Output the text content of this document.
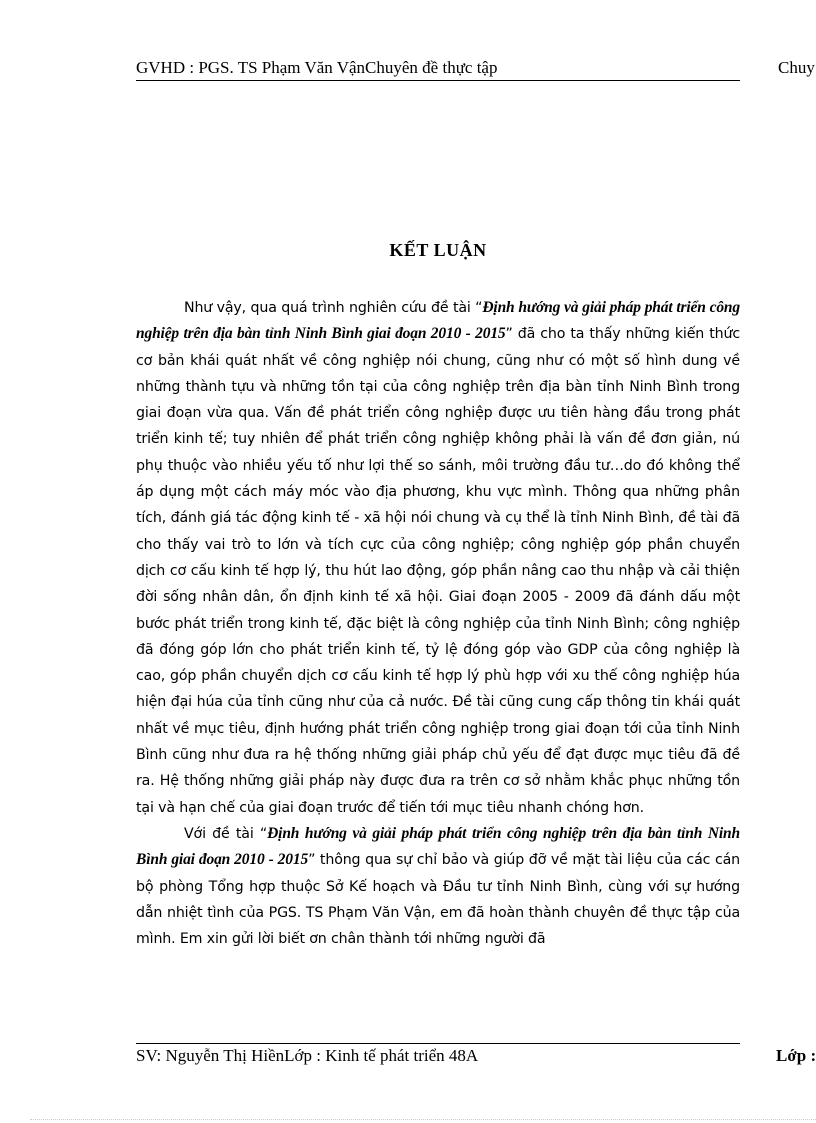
GVHD : PGS. TS Phạm Văn VậnChuyên đề thực tập	Chuy
KẾT LUẬN

Như vậy, qua quá trình nghiên cứu đề tài “Định hướng và giải pháp phát triển công nghiệp trên địa bàn tỉnh Ninh Bình giai đoạn 2010 - 2015” đã cho ta thấy những kiến thức cơ bản khái quát nhất về công nghiệp nói chung, cũng như có một số hình dung về những thành tựu và những tồn tại của công nghiệp trên địa bàn tỉnh Ninh Bình trong giai đoạn vừa qua. Vấn đề phát triển công nghiệp được ưu tiên hàng đầu trong phát triển kinh tế; tuy nhiên để phát triển công nghiệp không phải là vấn đề đơn giản, nú phụ thuộc vào nhiều yếu tố như lợi thế so sánh, môi trường đầu tư…do đó không thể áp dụng một cách máy móc vào địa phương, khu vực mình. Thông qua những phân tích, đánh giá tác động kinh tế - xã hội nói chung và cụ thể là tỉnh Ninh Bình, đề tài đã cho thấy vai trò to lớn và tích cực của công nghiệp; công nghiệp góp phần chuyển dịch cơ cấu kinh tế hợp lý, thu hút lao động, góp phần nâng cao thu nhập và cải thiện đời sống nhân dân, ổn định kinh tế xã hội. Giai đoạn 2005 - 2009 đã đánh dấu một bước phát triển trong kinh tế, đặc biệt là công nghiệp của tỉnh Ninh Bình; công nghiệp đã đóng góp lớn cho phát triển kinh tế, tỷ lệ đóng góp vào GDP của công nghiệp là cao, góp phần chuyển dịch cơ cấu kinh tế hợp lý phù hợp với xu thế công nghiệp húa hiện đại húa của tỉnh cũng như của cả nước. Đề tài cũng cung cấp thông tin khái quát nhất về mục tiêu, định hướng phát triển công nghiệp trong giai đoạn tới của tỉnh Ninh Bình cũng như đưa ra hệ thống những giải pháp chủ yếu để đạt được mục tiêu đã đề ra. Hệ thống những giải pháp này được đưa ra trên cơ sở nhằm khắc phục những tồn tại và hạn chế của giai đoạn trước để tiến tới mục tiêu nhanh chóng hơn.

Với đề tài “Định hướng và giải pháp phát triển công nghiệp trên địa bàn tỉnh Ninh Bình giai đoạn 2010 - 2015” thông qua sự chỉ bảo và giúp đỡ về mặt tài liệu của các cán bộ phòng Tổng hợp thuộc Sở Kế hoạch và Đầu tư tỉnh Ninh Bình, cùng với sự hướng dẫn nhiệt tình của PGS. TS Phạm Văn Vận, em đã hoàn thành chuyên đề thực tập của mình. Em xin gửi lời biết ơn chân thành tới những người đã

SV: Nguyễn Thị HiềnLớp : Kinh tế phát triển 48A	Lớp :
